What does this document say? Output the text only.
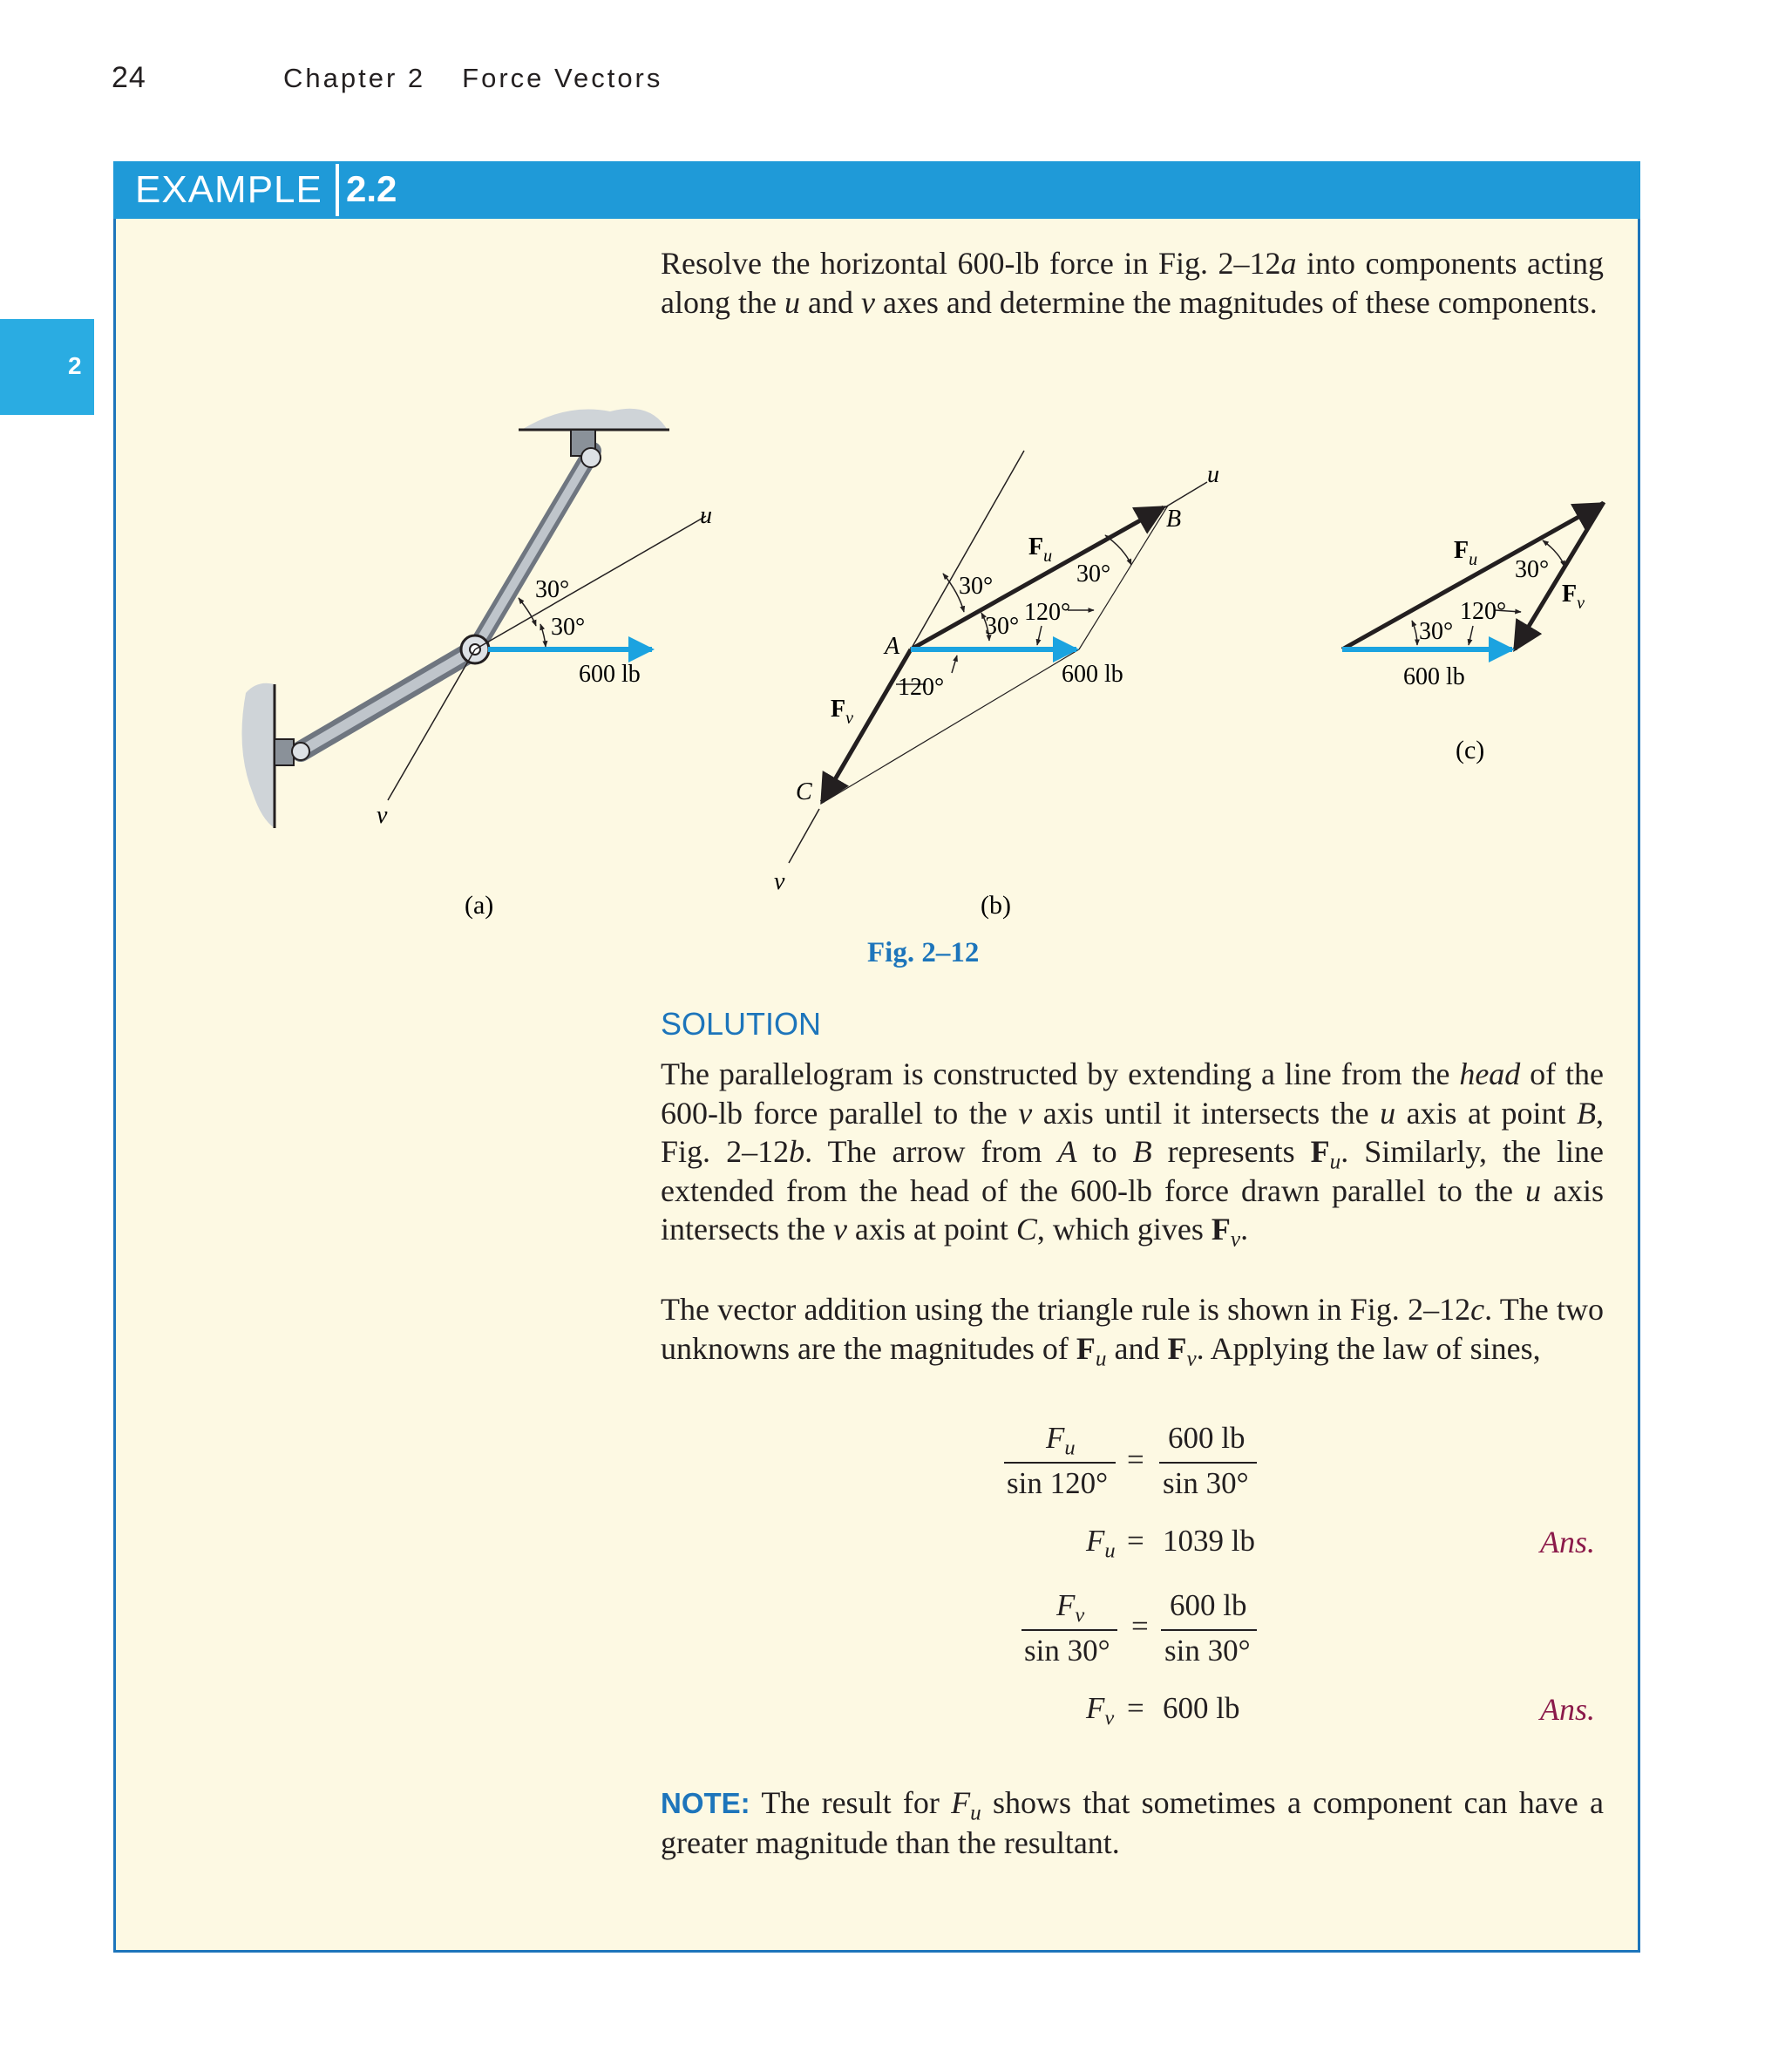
24	Chapter 2 Force Vectors
2
EXAMPLE 2.2
Resolve the horizontal 600-lb force in Fig. 2–12a into components acting along the u and v axes and determine the magnitudes of these components.
30°
30°
600 lb
u
v
(a)
30°
30°
30°
120°
120°	600 lb
$F_u$
$F_v$
A
B
C
u
v
(b)
30°
30°
120°
600 lb
$F_u$
$F_v$
(c)
Fig. 2–12
SOLUTION
The parallelogram is constructed by extending a line from the head of the 600-lb force parallel to the v axis until it intersects the u axis at point B, Fig. 2–12b. The arrow from A to B represents $F_u$. Similarly, the line extended from the head of the 600-lb force drawn parallel to the u axis intersects the v axis at point C, which gives $F_v$.
The vector addition using the triangle rule is shown in Fig. 2–12c. The two unknowns are the magnitudes of $F_u$ and $F_v$. Applying the law of sines,
$F_u$
sin 120°
=
600 lb
sin 30°
$F_u = 1039$ lb	Ans.
$F_v$
sin 30°
=
600 lb
sin 30°
$F_v = 600$ lb	Ans.
NOTE: The result for $F_u$ shows that sometimes a component can have a greater magnitude than the resultant.
